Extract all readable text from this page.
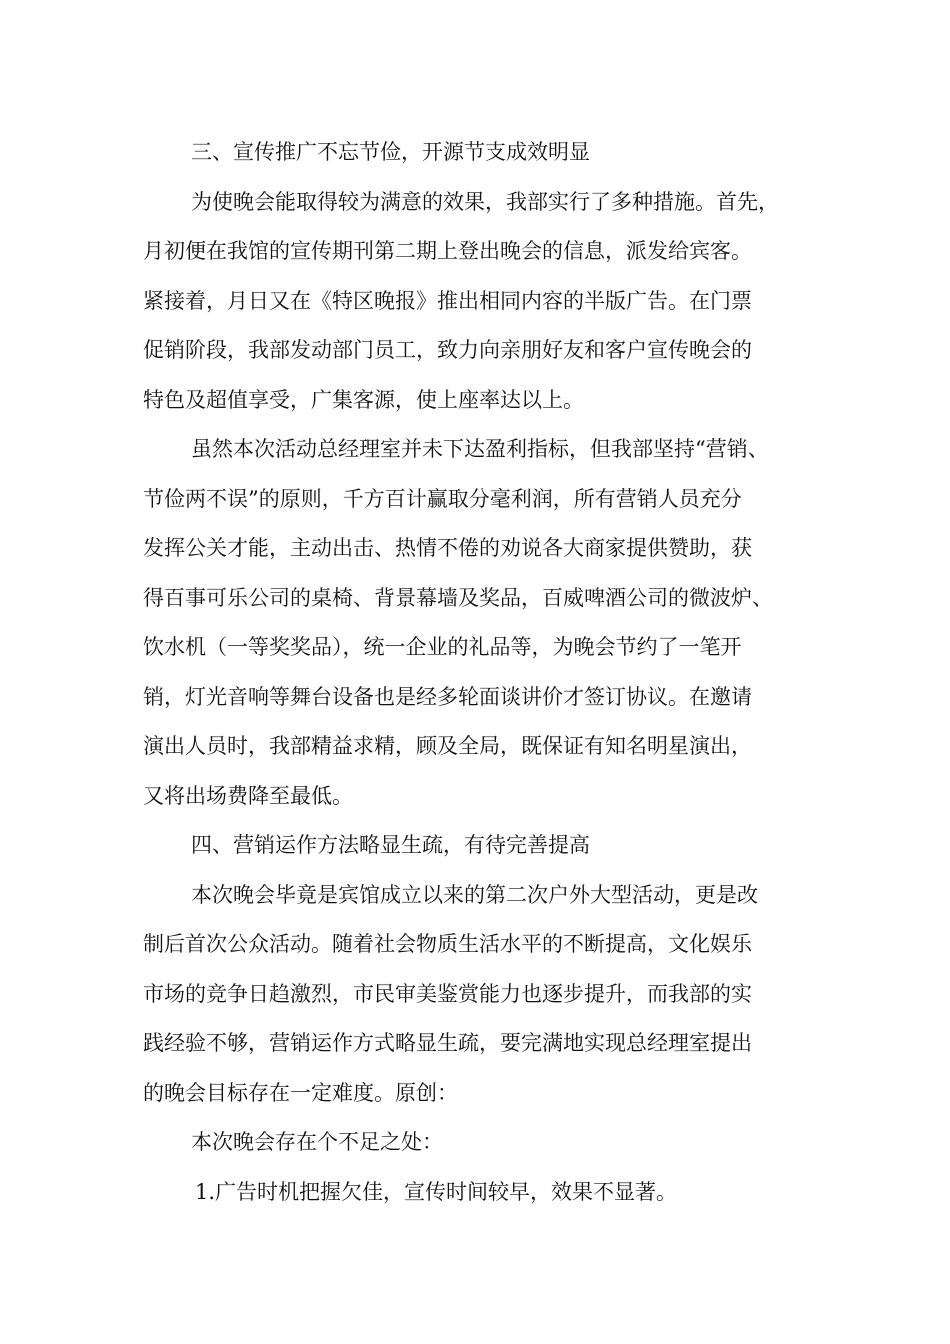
三、宣传推广不忘节俭，开源节支成效明显
为使晚会能取得较为满意的效果，我部实行了多种措施。首先，
月初便在我馆的宣传期刊第二期上登出晚会的信息，派发给宾客。
紧接着，月日又在《特区晚报》推出相同内容的半版广告。在门票
促销阶段，我部发动部门员工，致力向亲朋好友和客户宣传晚会的
特色及超值享受，广集客源，使上座率达以上。
虽然本次活动总经理室并未下达盈利指标，但我部坚持“营销、
节俭两不误”的原则，千方百计赢取分毫利润，所有营销人员充分
发挥公关才能，主动出击、热情不倦的劝说各大商家提供赞助，获
得百事可乐公司的桌椅、背景幕墙及奖品，百威啤酒公司的微波炉、
饮水机（一等奖奖品），统一企业的礼品等，为晚会节约了一笔开
销，灯光音响等舞台设备也是经多轮面谈讲价才签订协议。在邀请
演出人员时，我部精益求精，顾及全局，既保证有知名明星演出，
又将出场费降至最低。
四、营销运作方法略显生疏，有待完善提高
本次晚会毕竟是宾馆成立以来的第二次户外大型活动，更是改
制后首次公众活动。随着社会物质生活水平的不断提高，文化娱乐
市场的竞争日趋激烈，市民审美鉴赏能力也逐步提升，而我部的实
践经验不够，营销运作方式略显生疏，要完满地实现总经理室提出
的晚会目标存在一定难度。原创：
本次晚会存在个不足之处：
1.广告时机把握欠佳，宣传时间较早，效果不显著。
